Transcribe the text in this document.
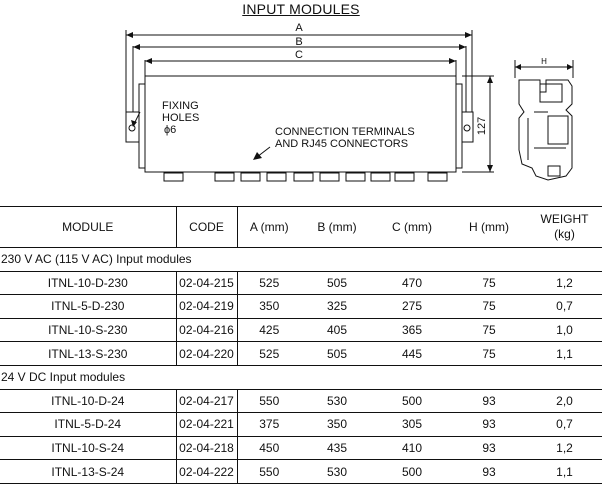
INPUT MODULES
A
B
C
H
127
FIXING
HOLES
ϕ6	CONNECTION TERMINALS
AND RJ45 CONNECTORS
MODULE	CODE	A (mm)	B (mm)	C (mm)	H (mm)	WEIGHT
(kg)

230 V AC (115 V AC) Input modules						
ITNL-10-D-230	02-04-215	525	505	470	75	1,2
ITNL-5-D-230	02-04-219	350	325	275	75	0,7
ITNL-10-S-230	02-04-216	425	405	365	75	1,0
ITNL-13-S-230	02-04-220	525	505	445	75	1,1
24 V DC Input modules						
ITNL-10-D-24	02-04-217	550	530	500	93	2,0
ITNL-5-D-24	02-04-221	375	350	305	93	0,7
ITNL-10-S-24	02-04-218	450	435	410	93	1,2
ITNL-13-S-24	02-04-222	550	530	500	93	1,1
